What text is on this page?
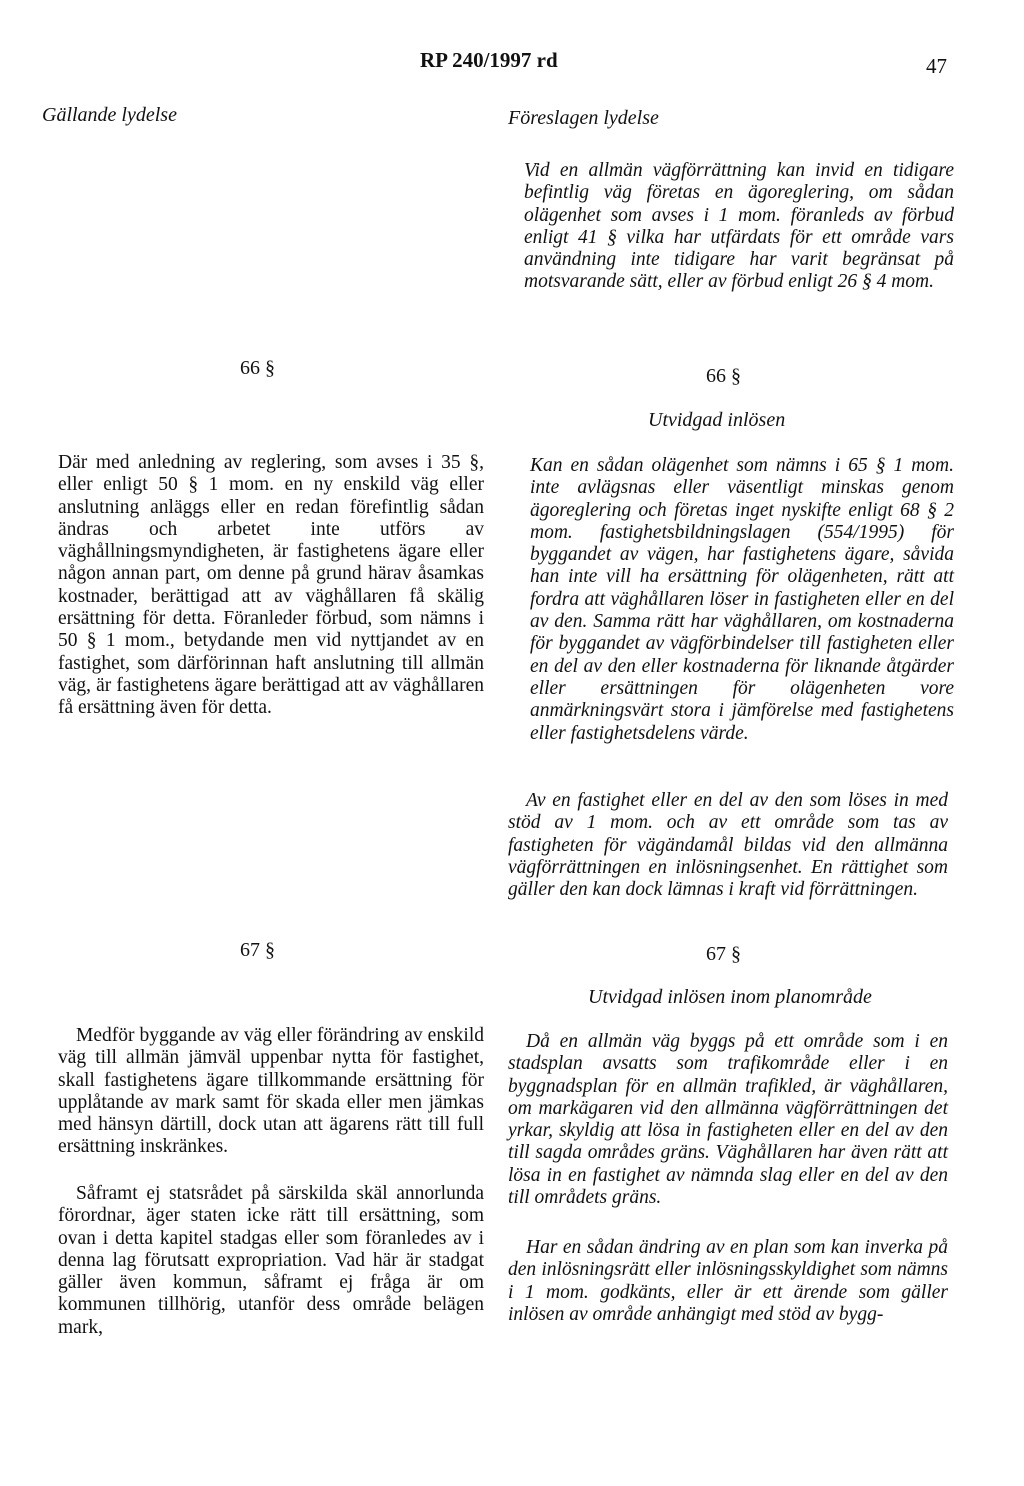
RP 240/1997 rd	47
Gällande lydelse
66 §

Där med anledning av reglering, som avses i 35 §, eller enligt 50 § 1 mom. en ny enskild väg eller anslutning anläggs eller en redan förefintlig sådan ändras och arbetet inte utförs av väghållningsmyndigheten, är fastighetens ägare eller någon annan part, om denne på grund härav åsamkas kostnader, berättigad att av väghållaren få skälig ersättning för detta. Föranleder förbud, som nämns i 50 § 1 mom., betydande men vid nyttjandet av en fastighet, som därförinnan haft anslutning till allmän väg, är fastighetens ägare berättigad att av väghållaren få ersättning även för detta.

67 §

Medför byggande av väg eller förändring av enskild väg till allmän jämväl uppenbar nytta för fastighet, skall fastighetens ägare tillkommande ersättning för upplåtande av mark samt för skada eller men jämkas med hänsyn därtill, dock utan att ägarens rätt till full ersättning inskränkes.

Såframt ej statsrådet på särskilda skäl annorlunda förordnar, äger staten icke rätt till ersättning, som ovan i detta kapitel stadgas eller som föranledes av i denna lag förutsatt expropriation. Vad här är stadgat gäller även kommun, såframt ej fråga är om kommunen tillhörig, utanför dess område belägen mark,

Föreslagen lydelse

Vid en allmän vägförrättning kan invid en tidigare befintlig väg företas en ägoreglering, om sådan olägenhet som avses i 1 mom. föranleds av förbud enligt 41 § vilka har utfärdats för ett område vars användning inte tidigare har varit begränsat på motsvarande sätt, eller av förbud enligt 26 § 4 mom.

66 §
Utvidgad inlösen

Kan en sådan olägenhet som nämns i 65 § 1 mom. inte avlägsnas eller väsentligt minskas genom ägoreglering och företas inget nyskifte enligt 68 § 2 mom. fastighetsbildningslagen (554/1995) för byggandet av vägen, har fastighetens ägare, såvida han inte vill ha ersättning för olägenheten, rätt att fordra att väghållaren löser in fastigheten eller en del av den. Samma rätt har väghållaren, om kostnaderna för byggandet av vägförbindelser till fastigheten eller en del av den eller kostnaderna för liknande åtgärder eller ersättningen för olägenheten vore anmärkningsvärt stora i jämförelse med fastighetens eller fastighetsdelens värde.

Av en fastighet eller en del av den som löses in med stöd av 1 mom. och av ett område som tas av fastigheten för vägändamål bildas vid den allmänna vägförrättningen en inlösningsenhet. En rättighet som gäller den kan dock lämnas i kraft vid förrättningen.

67 §
Utvidgad inlösen inom planområde

Då en allmän väg byggs på ett område som i en stadsplan avsatts som trafikområde eller i en byggnadsplan för en allmän trafikled, är väghållaren, om markägaren vid den allmänna vägförrättningen det yrkar, skyldig att lösa in fastigheten eller en del av den till sagda områdes gräns. Väghållaren har även rätt att lösa in en fastighet av nämnda slag eller en del av den till områdets gräns.

Har en sådan ändring av en plan som kan inverka på den inlösningsrätt eller inlösningsskyldighet som nämns i 1 mom. godkänts, eller är ett ärende som gäller inlösen av område anhängigt med stöd av bygg-
